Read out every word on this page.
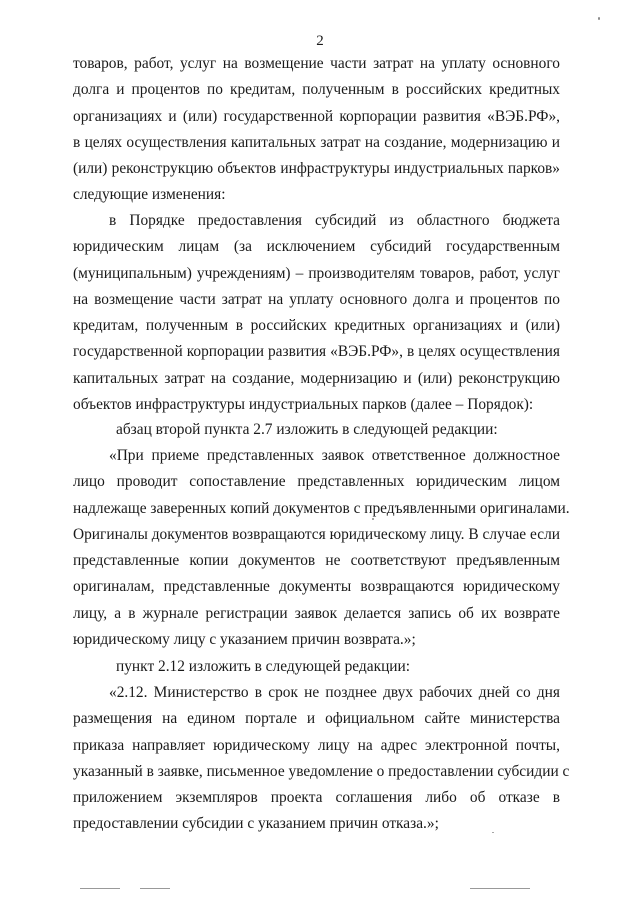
2
товаров, работ, услуг на возмещение части затрат на уплату основного
долга и процентов по кредитам, полученным в российских кредитных
организациях и (или) государственной корпорации развития «ВЭБ.РФ»,
в целях осуществления капитальных затрат на создание, модернизацию и
(или) реконструкцию объектов инфраструктуры индустриальных парков»
следующие изменения:
в Порядке предоставления субсидий из областного бюджета
юридическим лицам (за исключением субсидий государственным
(муниципальным) учреждениям) – производителям товаров, работ, услуг
на возмещение части затрат на уплату основного долга и процентов по
кредитам, полученным в российских кредитных организациях и (или)
государственной корпорации развития «ВЭБ.РФ», в целях осуществления
капитальных затрат на создание, модернизацию и (или) реконструкцию
объектов инфраструктуры индустриальных парков (далее – Порядок):
абзац второй пункта 2.7 изложить в следующей редакции:
«При приеме представленных заявок ответственное должностное
лицо проводит сопоставление представленных юридическим лицом
надлежаще заверенных копий документов с предъявленными оригиналами.
Оригиналы документов возвращаются юридическому лицу. В случае если
представленные копии документов не соответствуют предъявленным
оригиналам, представленные документы возвращаются юридическому
лицу, а в журнале регистрации заявок делается запись об их возврате
юридическому лицу с указанием причин возврата.»;
пункт 2.12 изложить в следующей редакции:
«2.12. Министерство в срок не позднее двух рабочих дней со дня
размещения на едином портале и официальном сайте министерства
приказа направляет юридическому лицу на адрес электронной почты,
указанный в заявке, письменное уведомление о предоставлении субсидии с
приложением экземпляров проекта соглашения либо об отказе в
предоставлении субсидии с указанием причин отказа.»;
